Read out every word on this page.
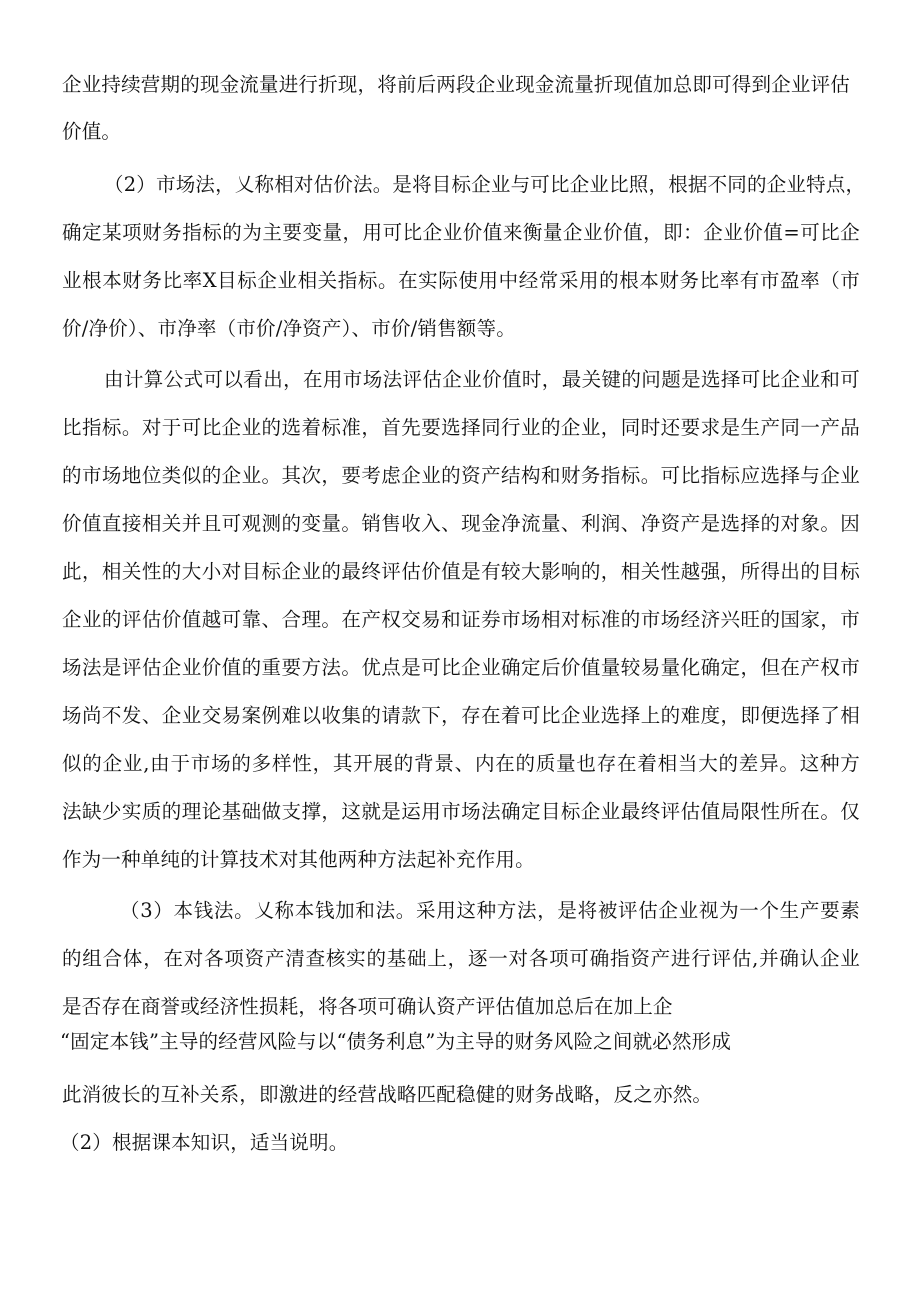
企业持续营期的现金流量进行折现，将前后两段企业现金流量折现值加总即可得到企业评估
价值。
（2）市场法，乂称相对估价法。是将目标企业与可比企业比照，根据不同的企业特点，
确定某项财务指标的为主要变量，用可比企业价值来衡量企业价值，即：企业价值=可比企
业根本财务比率X目标企业相关指标。在实际使用中经常采用的根本财务比率有市盈率（市
价/净价）、市净率（市价/净资产）、市价/销售额等。
由计算公式可以看出，在用市场法评估企业价值时，最关键的问题是选择可比企业和可
比指标。对于可比企业的选着标准，首先要选择同行业的企业，同时还要求是生产同一产品
的市场地位类似的企业。其次，要考虑企业的资产结构和财务指标。可比指标应选择与企业
价值直接相关并且可观测的变量。销售收入、现金净流量、利润、净资产是选择的对象。因
此，相关性的大小对目标企业的最终评估价值是有较大影响的，相关性越强，所得出的目标
企业的评估价值越可靠、合理。在产权交易和证券市场相对标准的市场经济兴旺的国家，市
场法是评估企业价值的重要方法。优点是可比企业确定后价值量较易量化确定，但在产权市
场尚不发、企业交易案例难以收集的请款下，存在着可比企业选择上的难度，即便选择了相
似的企业,由于市场的多样性，其开展的背景、内在的质量也存在着相当大的差异。这种方
法缺少实质的理论基础做支撑，这就是运用市场法确定目标企业最终评估值局限性所在。仅
作为一种单纯的计算技术对其他两种方法起补充作用。
（3）本钱法。乂称本钱加和法。采用这种方法，是将被评估企业视为一个生产要素
的组合体，在对各项资产清查核实的基础上，逐一对各项可确指资产进行评估,并确认企业
是否存在商誉或经济性损耗，将各项可确认资产评估值加总后在加上企
“固定本钱”主导的经营风险与以“债务利息”为主导的财务风险之间就必然形成
此消彼长的互补关系，即激进的经营战略匹配稳健的财务战略，反之亦然。
（2）根据课本知识，适当说明。
